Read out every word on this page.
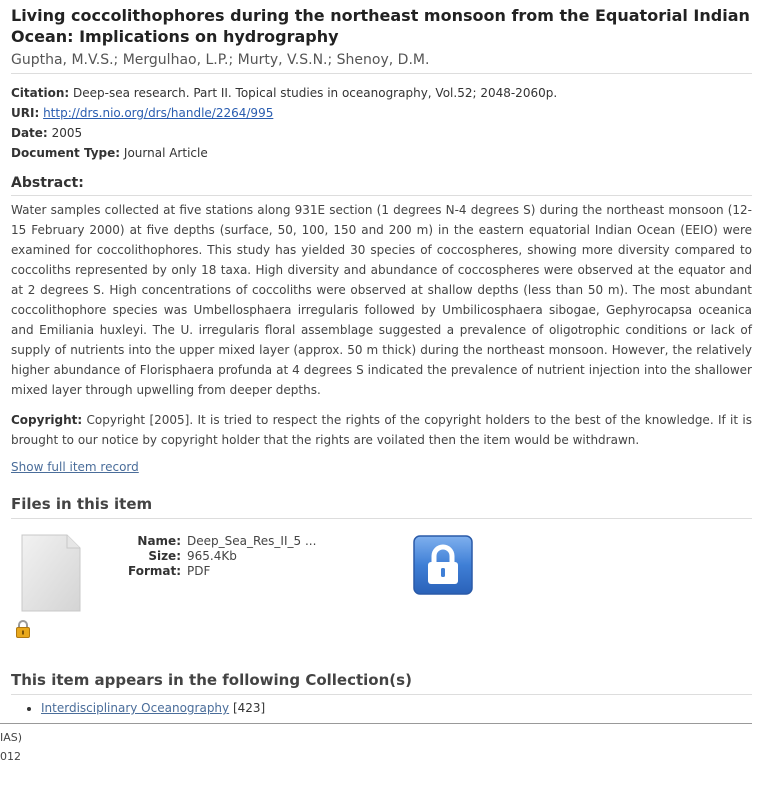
Living coccolithophores during the northeast monsoon from the Equatorial Indian Ocean: Implications on hydrography
Guptha, M.V.S.; Mergulhao, L.P.; Murty, V.S.N.; Shenoy, D.M.
Citation: Deep-sea research. Part II. Topical studies in oceanography, Vol.52; 2048-2060p.
URI: http://drs.nio.org/drs/handle/2264/995
Date: 2005
Document Type: Journal Article
Abstract:

Water samples collected at five stations along 931E section (1 degrees N-4 degrees S) during the northeast monsoon (12-15 February 2000) at five depths (surface, 50, 100, 150 and 200 m) in the eastern equatorial Indian Ocean (EEIO) were examined for coccolithophores. This study has yielded 30 species of coccospheres, showing more diversity compared to coccoliths represented by only 18 taxa. High diversity and abundance of coccospheres were observed at the equator and at 2 degrees S. High concentrations of coccoliths were observed at shallow depths (less than 50 m). The most abundant coccolithophore species was Umbellosphaera irregularis followed by Umbilicosphaera sibogae, Gephyrocapsa oceanica and Emiliania huxleyi. The U. irregularis floral assemblage suggested a prevalence of oligotrophic conditions or lack of supply of nutrients into the upper mixed layer (approx. 50 m thick) during the northeast monsoon. However, the relatively higher abundance of Florisphaera profunda at 4 degrees S indicated the prevalence of nutrient injection into the shallower mixed layer through upwelling from deeper depths.

Copyright: Copyright [2005]. It is tried to respect the rights of the copyright holders to the best of the knowledge. If it is brought to our notice by copyright holder that the rights are voilated then the item would be withdrawn.

Show full item record
Files in this item
Name: Deep_Sea_Res_II_5 ...
Size: 965.4Kb
Format: PDF
This item appears in the following Collection(s)
• Interdisciplinary Oceanography [423]
IAS)
012
